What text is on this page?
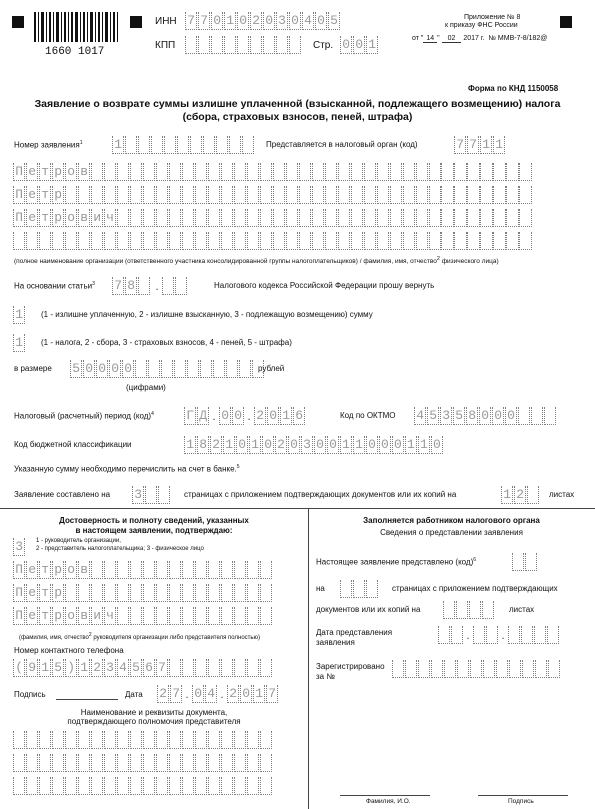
1660 1017
ИНН 7 7 0 1 0 2 0 3 0 4 0 5
КПП	Стр. 0 0 1
Приложение № 8
к приказу ФНС России
от " 14 " 02 2017 г. № ММВ-7-8/182@
Форма по КНД 1150058
Заявление о возврате суммы излишне уплаченной (взысканной, подлежащего возмещению) налога
(сбора, страховых взносов, пеней, штрафа)
Номер заявления$^1$ 1	Представляется в налоговый орган (код)	7 7 1 1
П е т р о в
П е т р
П е т р о в и ч
(полное наименование организации (ответственного участника консолидированной группы налогоплательщиков) / фамилия, имя, отчество$^2$ физического лица)
На основании статьи$^3$ 7 8 .	Налогового кодекса Российской Федерации прошу вернуть
1 (1 - излишне уплаченную, 2 - излишне взысканную, 3 - подлежащую возмещению) сумму
1 (1 - налога, 2 - сбора, 3 - страховых взносов, 4 - пеней, 5 - штрафа)
в размере 5 0 0 0 0	рублей
(цифрами)
Налоговый (расчетный) период (код)$^4$ Г Д . 0 0 . 2 0 1 6	Код по ОКТМО 4 5 3 5 8 0 0 0
Код бюджетной классификации	1 8 2 1 0 1 0 2 0 3 0 0 1 1 0 0 0 1 1 0
Указанную сумму необходимо перечислить на счет в банке.$^5$
Заявление составлено на 3	страницах с приложением подтверждающих документов или их копий на	1 2	листах
Достоверность и полноту сведений, указанных
в настоящем заявлении, подтверждаю:
3	1 - руководитель организации,
2 - представитель налогоплательщика; 3 - физическое лицо
П е т р о в
П е т р
П е т р о в и ч
(фамилия, имя, отчество$^2$ руководителя организации либо представителя полностью)
Номер контактного телефона
( 9 1 5 ) 1 2 3 4 5 6 7
Подпись	Дата 2 7 . 0 4 . 2 0 1 7
Наименование и реквизиты документа,
подтверждающего полномочия представителя
Заполняется работником налогового органа
Сведения о представлении заявления
Настоящее заявление представлено (код)$^6$
на	страницах с приложением подтверждающих
документов или их копий на	листах
Дата представления
заявления
.	.
Зарегистрировано
за №
Фамилия, И.О.	Подпись
